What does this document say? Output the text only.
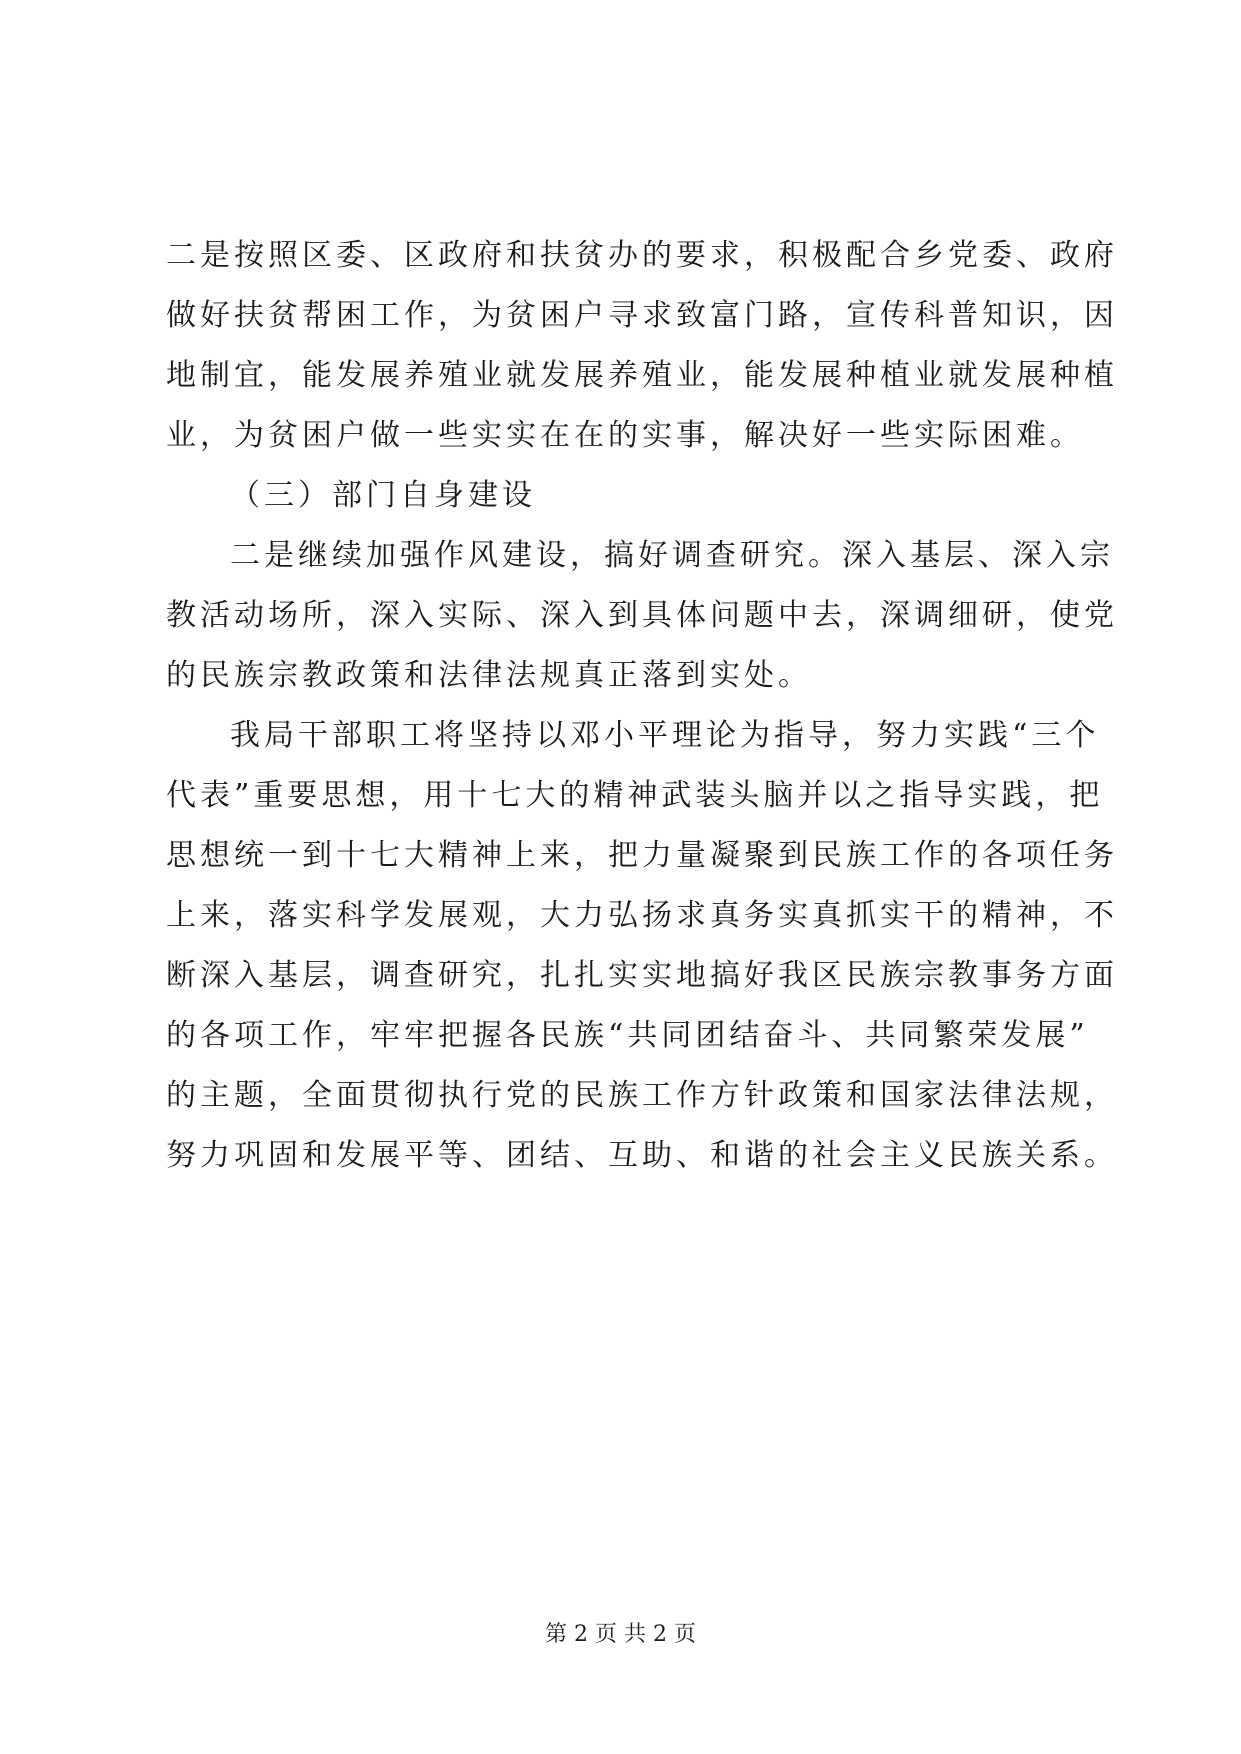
二是按照区委、区政府和扶贫办的要求，积极配合乡党委、政府
做好扶贫帮困工作，为贫困户寻求致富门路，宣传科普知识，因
地制宜，能发展养殖业就发展养殖业，能发展种植业就发展种植
业，为贫困户做一些实实在在的实事，解决好一些实际困难。
（三）部门自身建设
二是继续加强作风建设，搞好调查研究。深入基层、深入宗
教活动场所，深入实际、深入到具体问题中去，深调细研，使党
的民族宗教政策和法律法规真正落到实处。
我局干部职工将坚持以邓小平理论为指导，努力实践“三个
代表”重要思想，用十七大的精神武装头脑并以之指导实践，把
思想统一到十七大精神上来，把力量凝聚到民族工作的各项任务
上来，落实科学发展观，大力弘扬求真务实真抓实干的精神，不
断深入基层，调查研究，扎扎实实地搞好我区民族宗教事务方面
的各项工作，牢牢把握各民族“共同团结奋斗、共同繁荣发展”
的主题，全面贯彻执行党的民族工作方针政策和国家法律法规，
努力巩固和发展平等、团结、互助、和谐的社会主义民族关系。
第 2 页 共 2 页
